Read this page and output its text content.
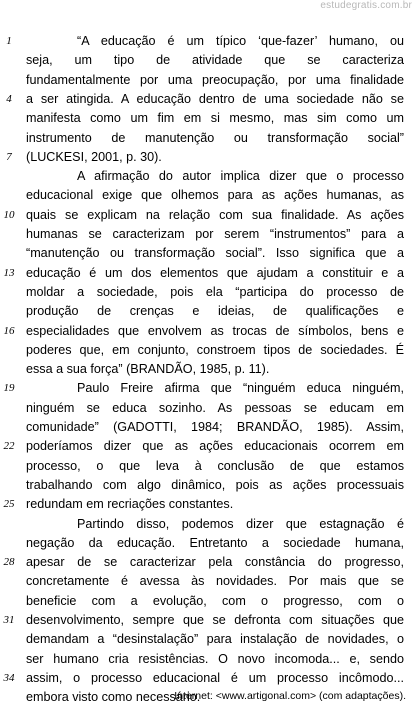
estudegratis.com.br
1	“A educação é um típico ‘que-fazer’ humano, ou
seja, um tipo de atividade que se caracteriza
fundamentalmente por uma preocupação, por uma finalidade
4	a ser atingida. A educação dentro de uma sociedade não se
manifesta como um fim em si mesmo, mas sim como um
instrumento de manutenção ou transformação social”
7	(LUCKESI, 2001, p. 30).
A afirmação do autor implica dizer que o processo
educacional exige que olhemos para as ações humanas, as
10 quais se explicam na relação com sua finalidade. As ações
humanas se caracterizam por serem “instrumentos” para a
“manutenção ou transformação social”. Isso significa que a
13 educação é um dos elementos que ajudam a constituir e a
moldar a sociedade, pois ela “participa do processo de
produção de crenças e ideias, de qualificações e
16 especialidades que envolvem as trocas de símbolos, bens e
poderes que, em conjunto, constroem tipos de sociedades. É
essa a sua força” (BRANDÃO, 1985, p. 11).
19	Paulo Freire afirma que “ninguém educa ninguém,
ninguém se educa sozinho. As pessoas se educam em
comunidade” (GADOTTI, 1984; BRANDÃO, 1985). Assim,
22 poderíamos dizer que as ações educacionais ocorrem em
processo, o que leva à conclusão de que estamos
trabalhando com algo dinâmico, pois as ações processuais
25 redundam em recriações constantes.
Partindo disso, podemos dizer que estagnação é
negação da educação. Entretanto a sociedade humana,
28 apesar de se caracterizar pela constância do progresso,
concretamente é avessa às novidades. Por mais que se
beneficie com a evolução, com o progresso, com o
31 desenvolvimento, sempre que se defronta com situações que
demandam a “desinstalação” para instalação de novidades, o
ser humano cria resistências. O novo incomoda... e, sendo
34 assim, o processo educacional é um processo incômodo...
embora visto como necessário.
Internet: <www.artigonal.com> (com adaptações).
